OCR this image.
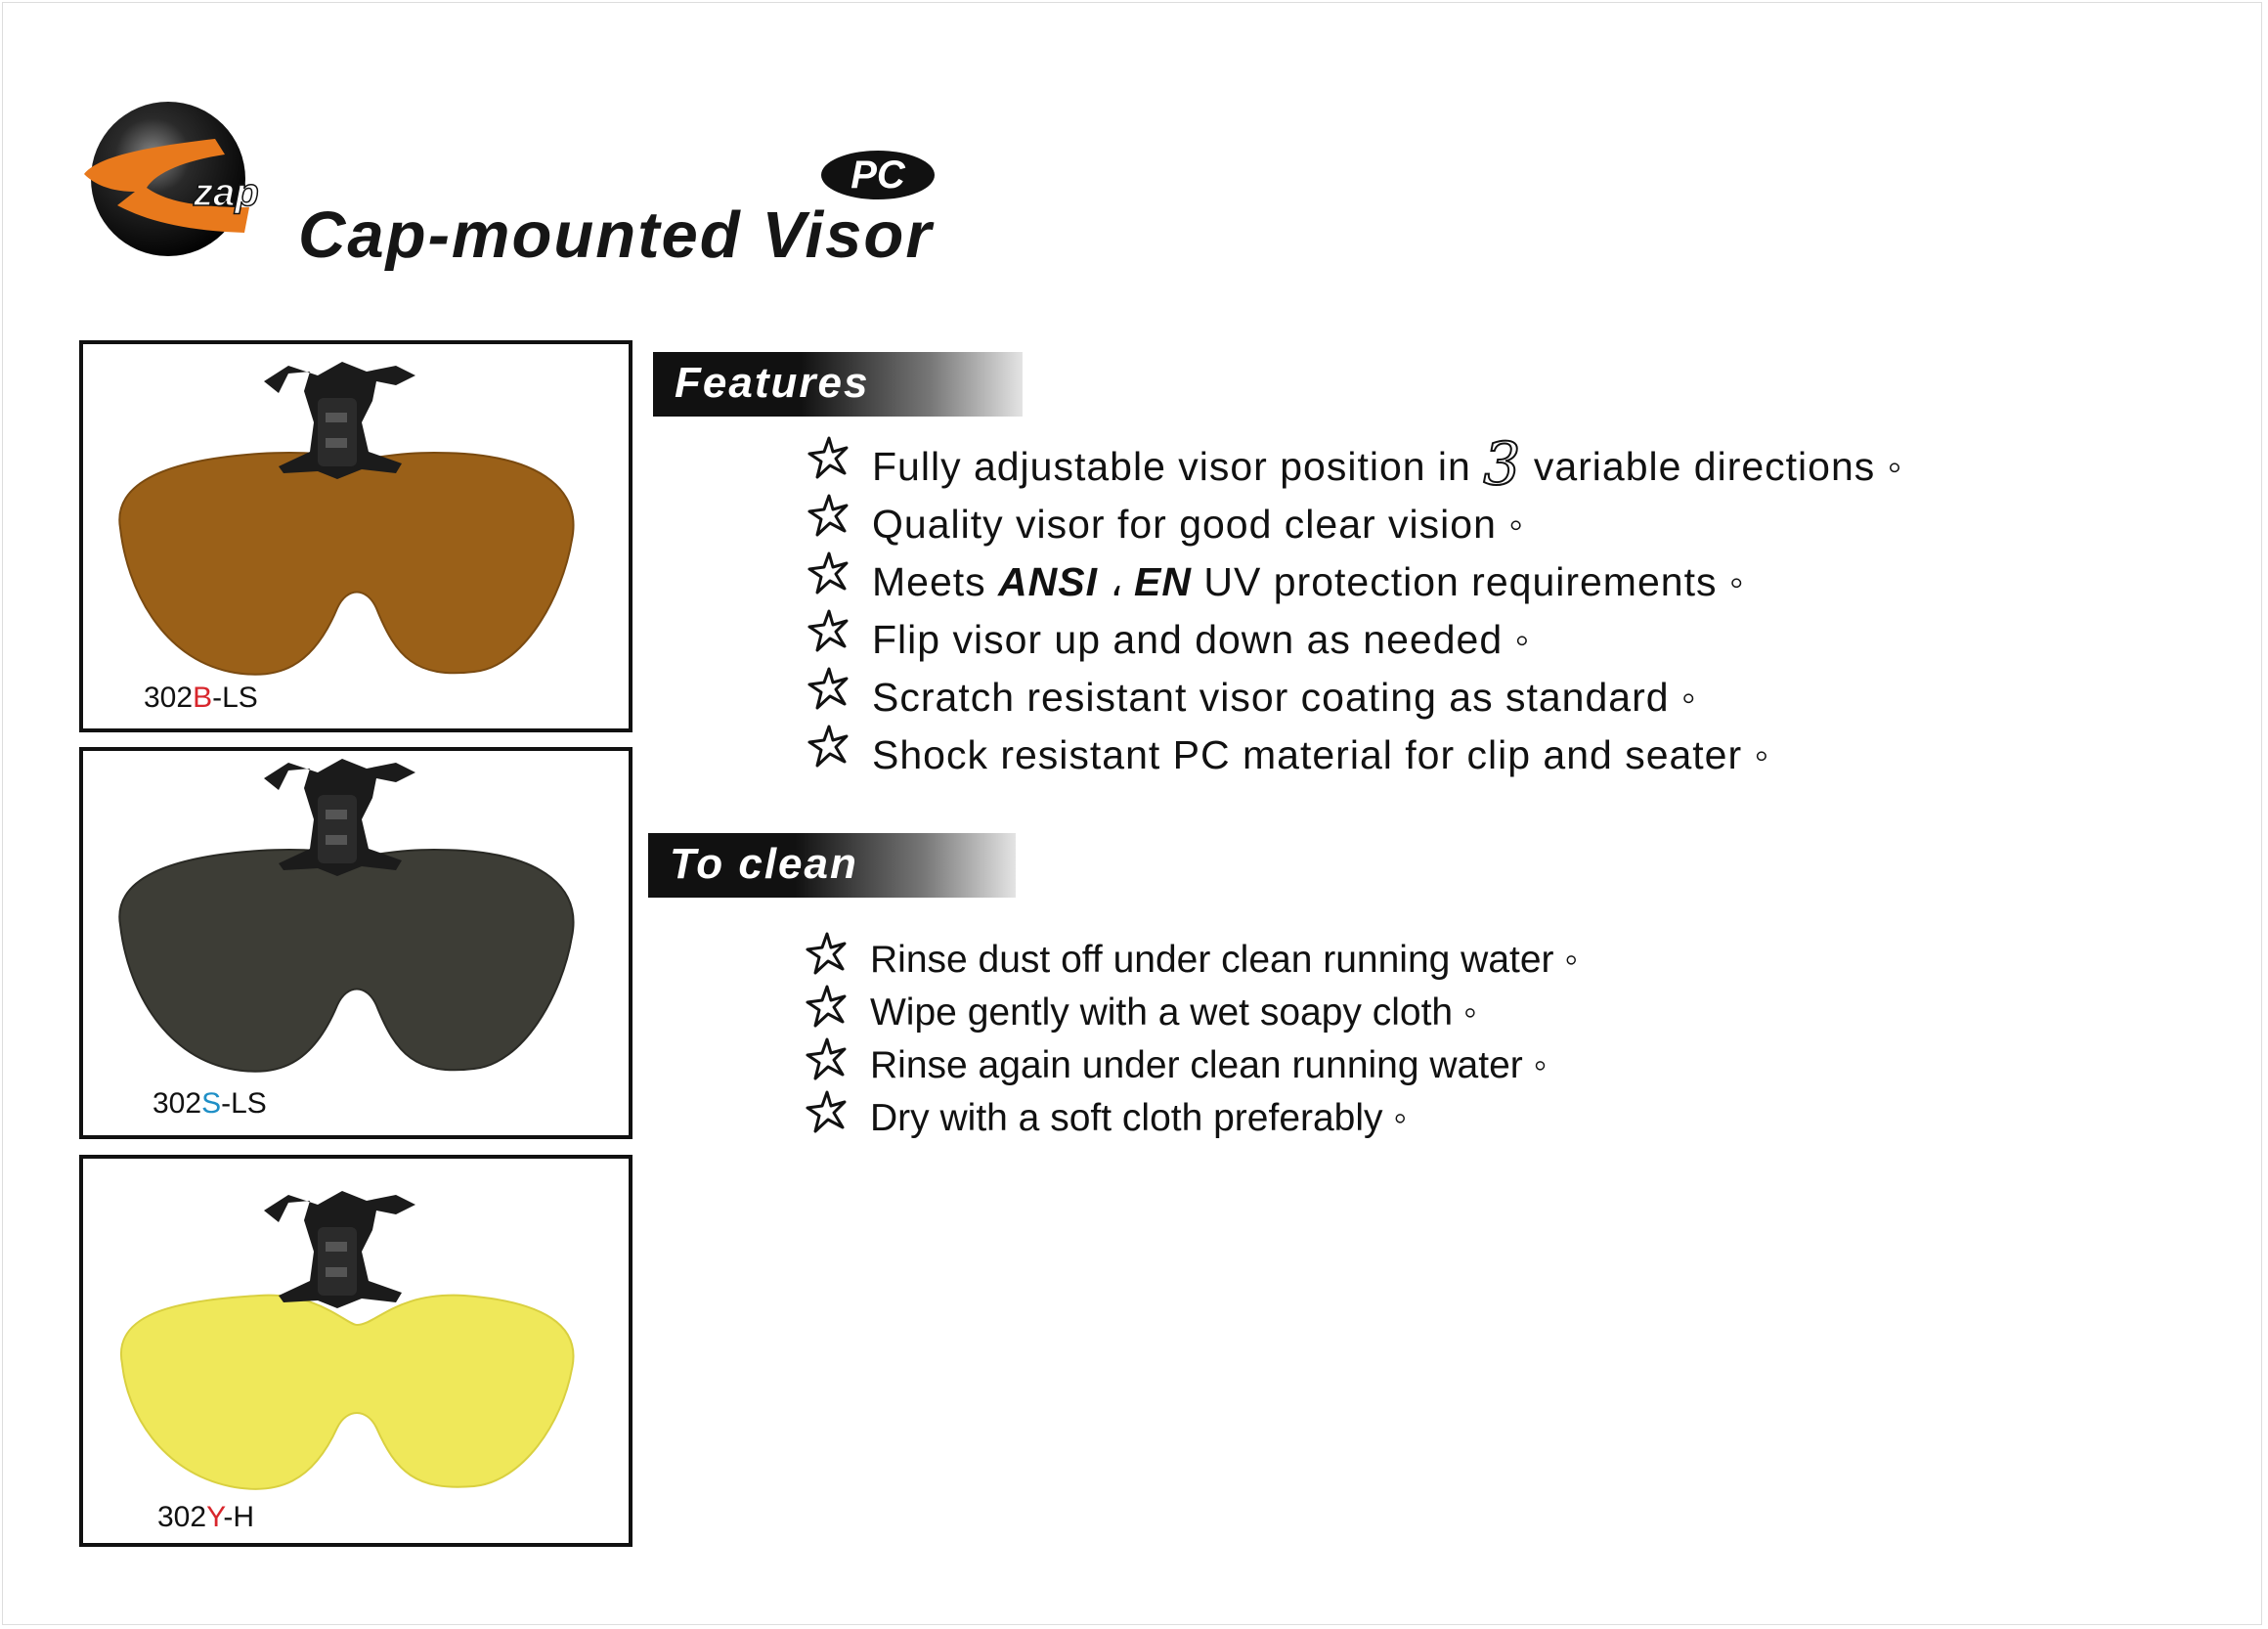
zap	PC
Cap-mounted Visor
302B-LS
302S-LS
302Y-H
Features
Fully adjustable visor position in 3 variable directions ◦
Quality visor for good clear vision ◦
Meets ANSI ، EN UV protection requirements ◦
Flip visor up and down as needed ◦
Scratch resistant visor coating as standard ◦
Shock resistant PC material for clip and seater ◦
To clean
Rinse dust off under clean running water ◦
Wipe gently with a wet soapy cloth ◦
Rinse again under clean running water ◦
Dry with a soft cloth preferably ◦
